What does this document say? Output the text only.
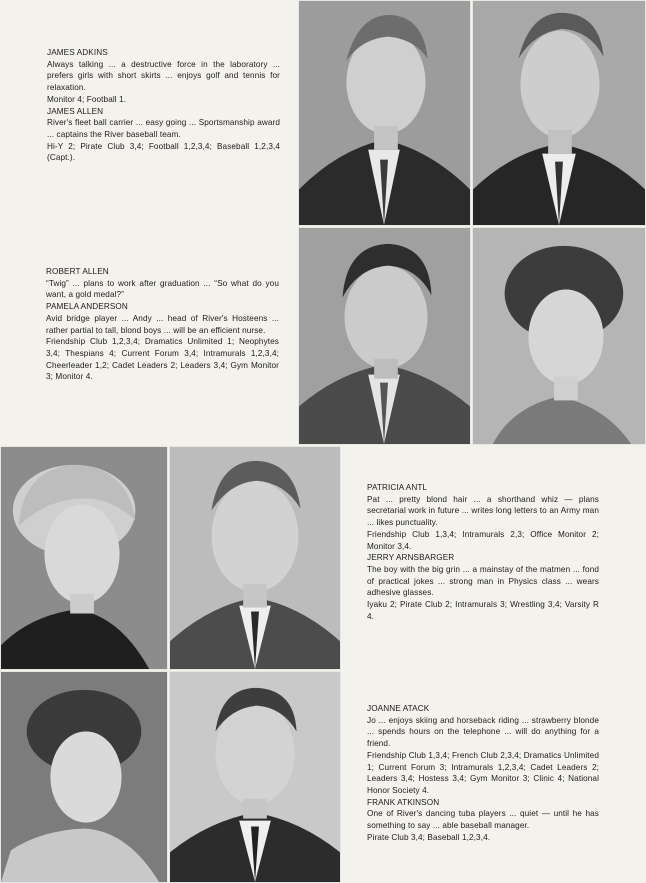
JAMES ADKINS
Always talking ... a destructive force in the laboratory ... prefers girls with short skirts ... enjoys golf and tennis for relaxation.
Monitor 4; Football 1.

JAMES ALLEN
River's fleet ball carrier ... easy going ... Sportsmanship award ... captains the River baseball team.
Hi-Y 2; Pirate Club 3,4; Football 1,2,3,4; Baseball 1,2,3,4 (Capt.).

ROBERT ALLEN
“Twig” ... plans to work after graduation ... “So what do you want, a gold medal?”

PAMELA ANDERSON
Avid bridge player ... Andy ... head of River's Hosteens ... rather partial to tall, blond boys ... will be an efficient nurse.
Friendship Club 1,2,3,4; Dramatics Unlimited 1; Neophytes 3,4; Thespians 4; Current Forum 3,4; Intramurals 1,2,3,4; Cheerleader 1,2; Cadet Leaders 2; Leaders 3,4; Gym Monitor 3; Monitor 4.

PATRICIA ANTL
Pat ... pretty blond hair ... a shorthand whiz — plans secretarial work in future ... writes long letters to an Army man ... likes punctuality.
Friendship Club 1,3,4; Intramurals 2,3; Office Monitor 2; Monitor 3,4.

JERRY ARNSBARGER
The boy with the big grin ... a mainstay of the matmen ... fond of practical jokes ... strong man in Physics class ... wears adhesive glasses.
Iyaku 2; Pirate Club 2; Intramurals 3; Wrestling 3,4; Varsity R 4.

JOANNE ATACK
Jo ... enjoys skiing and horseback riding ... strawberry blonde ... spends hours on the telephone ... will do anything for a friend.
Friendship Club 1,3,4; French Club 2,3,4; Dramatics Unlimited 1; Current Forum 3; Intramurals 1,2,3,4; Cadet Leaders 2; Leaders 3,4; Hostess 3,4; Gym Monitor 3; Clinic 4; National Honor Society 4.

FRANK ATKINSON
One of River's dancing tuba players ... quiet — until he has something to say ... able baseball manager.
Pirate Club 3,4; Baseball 1,2,3,4.
